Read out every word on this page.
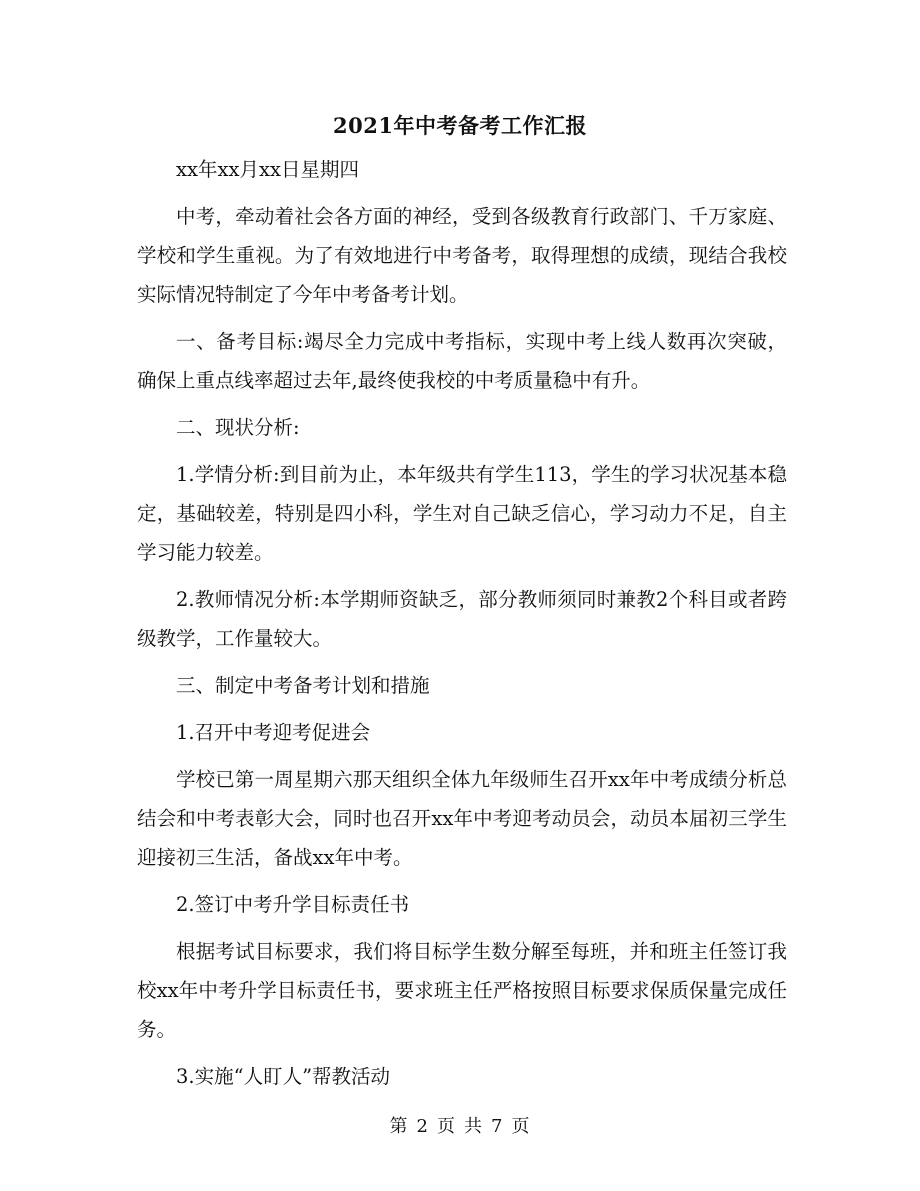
2021年中考备考工作汇报

xx年xx月xx日星期四

中考，牵动着社会各方面的神经，受到各级教育行政部门、千万家庭、学校和学生重视。为了有效地进行中考备考，取得理想的成绩，现结合我校实际情况特制定了今年中考备考计划。

一、备考目标:竭尽全力完成中考指标，实现中考上线人数再次突破，确保上重点线率超过去年,最终使我校的中考质量稳中有升。

二、现状分析:

1.学情分析:到目前为止，本年级共有学生113，学生的学习状况基本稳定，基础较差，特别是四小科，学生对自己缺乏信心，学习动力不足，自主学习能力较差。

2.教师情况分析:本学期师资缺乏，部分教师须同时兼教2个科目或者跨级教学，工作量较大。

三、制定中考备考计划和措施

1.召开中考迎考促进会

学校已第一周星期六那天组织全体九年级师生召开xx年中考成绩分析总结会和中考表彰大会，同时也召开xx年中考迎考动员会，动员本届初三学生迎接初三生活，备战xx年中考。

2.签订中考升学目标责任书

根据考试目标要求，我们将目标学生数分解至每班，并和班主任签订我校xx年中考升学目标责任书，要求班主任严格按照目标要求保质保量完成任务。

3.实施“人盯人”帮教活动

第 2 页 共 7 页
